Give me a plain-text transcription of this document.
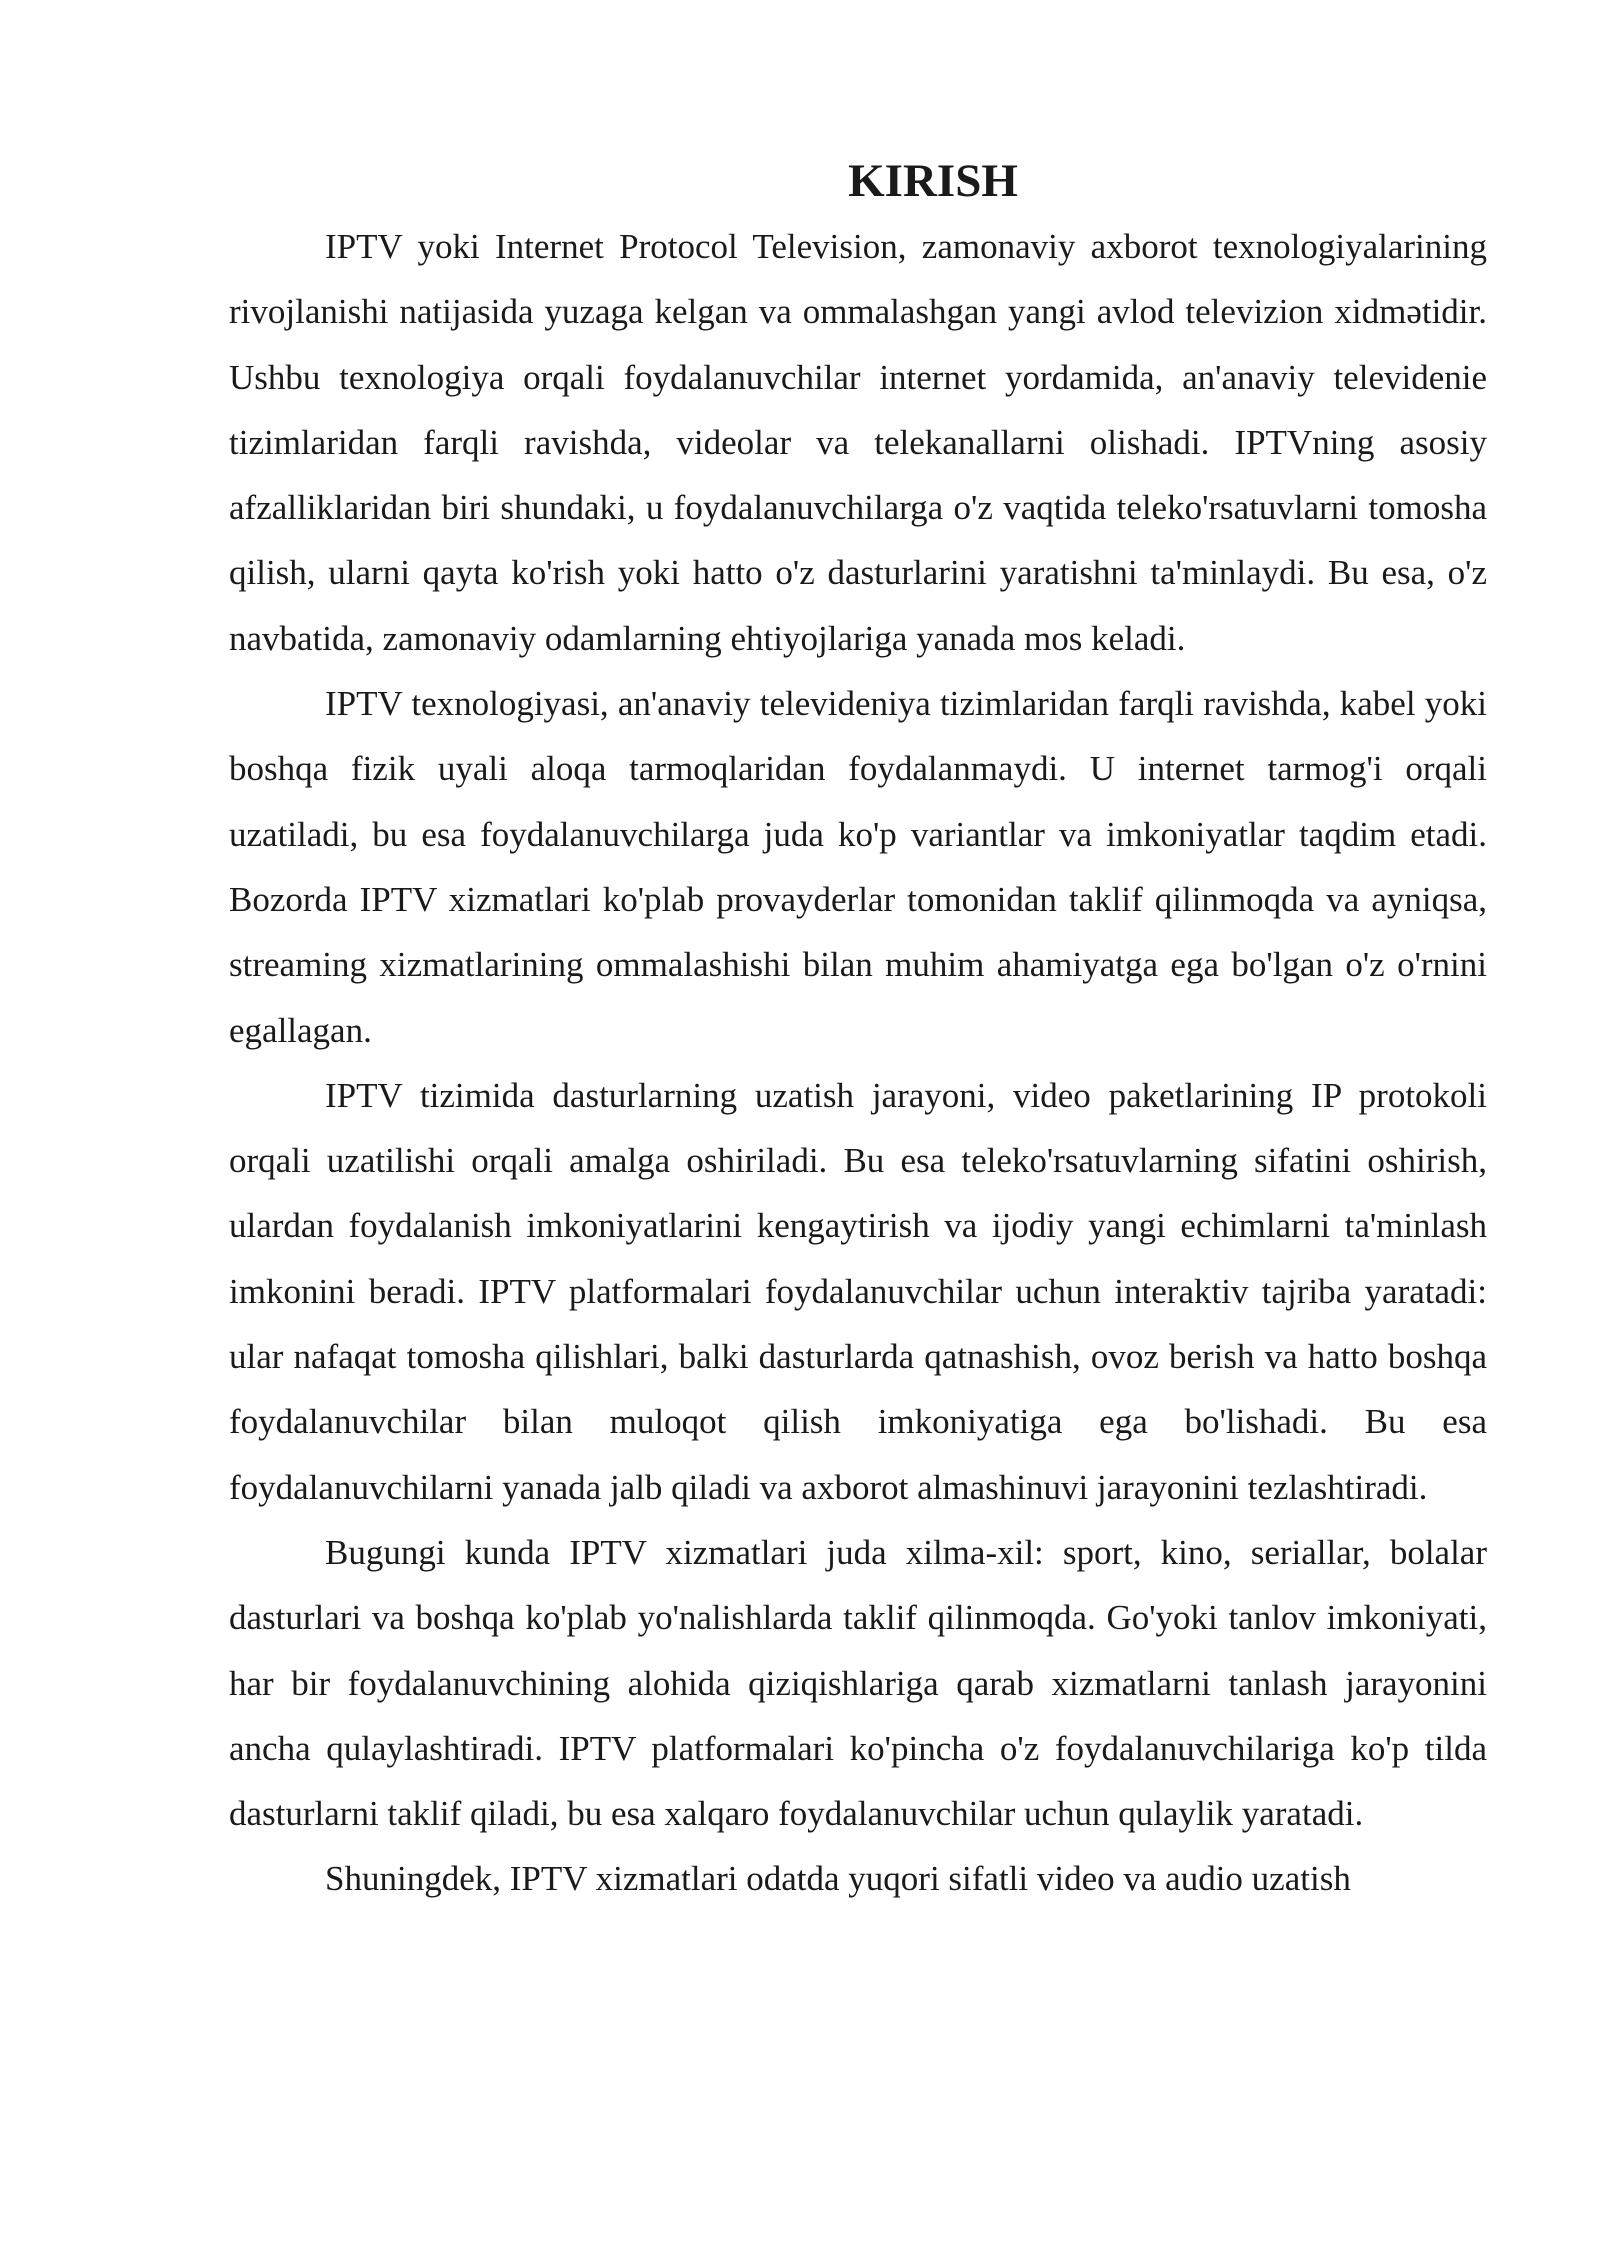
KIRISH

IPTV yoki Internet Protocol Television, zamonaviy axborot texnologiyalarining rivojlanishi natijasida yuzaga kelgan va ommalashgan yangi avlod televizion xidmətidir. Ushbu texnologiya orqali foydalanuvchilar internet yordamida, an'anaviy televidenie tizimlaridan farqli ravishda, videolar va telekanallarni olishadi. IPTVning asosiy afzalliklaridan biri shundaki, u foydalanuvchilarga o'z vaqtida teleko'rsatuvlarni tomosha qilish, ularni qayta ko'rish yoki hatto o'z dasturlarini yaratishni ta'minlaydi. Bu esa, o'z navbatida, zamonaviy odamlarning ehtiyojlariga yanada mos keladi.

IPTV texnologiyasi, an'anaviy televideniya tizimlaridan farqli ravishda, kabel yoki boshqa fizik uyali aloqa tarmoqlaridan foydalanmaydi. U internet tarmog'i orqali uzatiladi, bu esa foydalanuvchilarga juda ko'p variantlar va imkoniyatlar taqdim etadi. Bozorda IPTV xizmatlari ko'plab provayderlar tomonidan taklif qilinmoqda va ayniqsa, streaming xizmatlarining ommalashishi bilan muhim ahamiyatga ega bo'lgan o'z o'rnini egallagan.

IPTV tizimida dasturlarning uzatish jarayoni, video paketlarining IP protokoli orqali uzatilishi orqali amalga oshiriladi. Bu esa teleko'rsatuvlarning sifatini oshirish, ulardan foydalanish imkoniyatlarini kengaytirish va ijodiy yangi echimlarni ta'minlash imkonini beradi. IPTV platformalari foydalanuvchilar uchun interaktiv tajriba yaratadi: ular nafaqat tomosha qilishlari, balki dasturlarda qatnashish, ovoz berish va hatto boshqa foydalanuvchilar bilan muloqot qilish imkoniyatiga ega bo'lishadi. Bu esa foydalanuvchilarni yanada jalb qiladi va axborot almashinuvi jarayonini tezlashtiradi.

Bugungi kunda IPTV xizmatlari juda xilma-xil: sport, kino, seriallar, bolalar dasturlari va boshqa ko'plab yo'nalishlarda taklif qilinmoqda. Go'yoki tanlov imkoniyati, har bir foydalanuvchining alohida qiziqishlariga qarab xizmatlarni tanlash jarayonini ancha qulaylashtiradi. IPTV platformalari ko'pincha o'z foydalanuvchilariga ko'p tilda dasturlarni taklif qiladi, bu esa xalqaro foydalanuvchilar uchun qulaylik yaratadi.

Shuningdek, IPTV xizmatlari odatda yuqori sifatli video va audio uzatish
